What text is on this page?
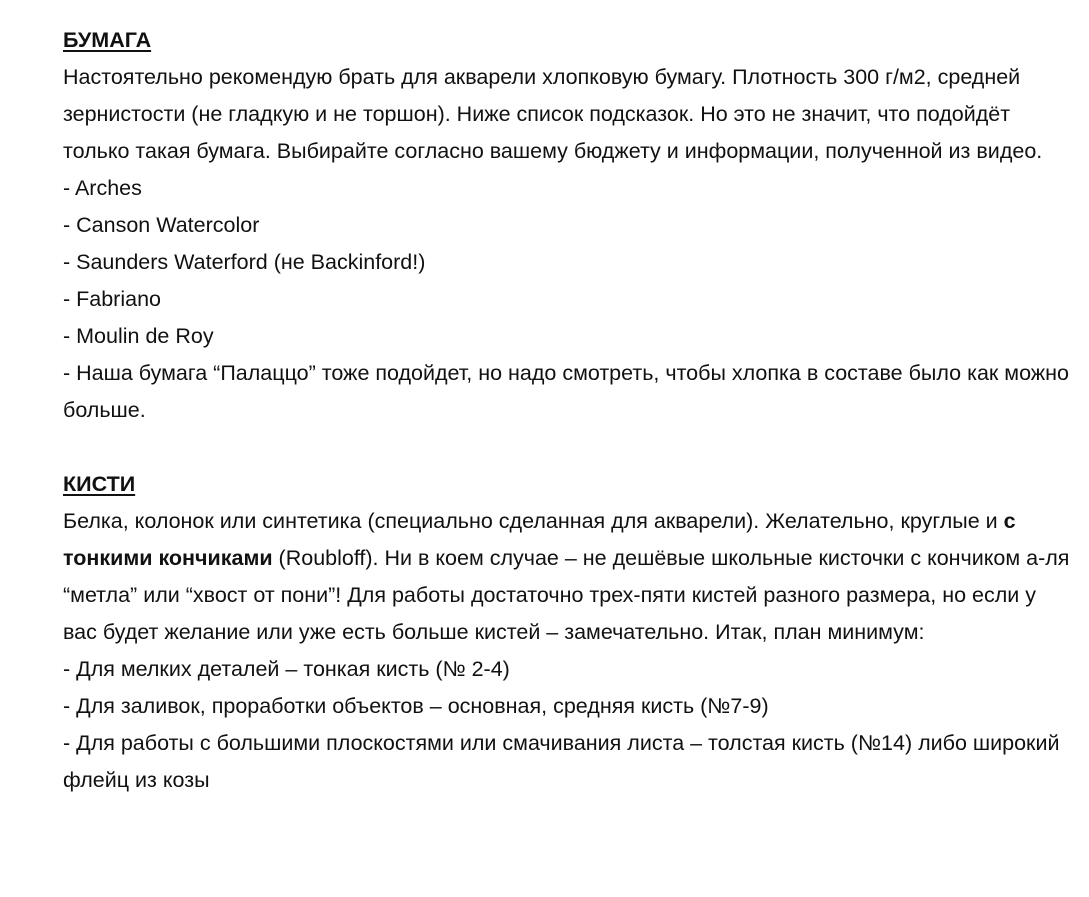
БУМАГА

Настоятельно рекомендую брать для акварели хлопковую бумагу. Плотность 300 г/м2, средней зернистости (не гладкую и не торшон). Ниже список подсказок. Но это не значит, что подойдёт только такая бумага. Выбирайте согласно вашему бюджету и информации, полученной из видео.

- Arches
- Canson Watercolor
- Saunders Waterford (не Backinford!)
- Fabriano
- Moulin de Roy
- Наша бумага “Палаццо” тоже подойдет, но надо смотреть, чтобы хлопка в составе было как можно больше.

КИСТИ

Белка, колонок или синтетика (специально сделанная для акварели). Желательно, круглые и с тонкими кончиками (Roubloff). Ни в коем случае – не дешёвые школьные кисточки с кончиком а-ля “метла” или “хвост от пони”! Для работы достаточно трех-пяти кистей разного размера, но если у вас будет желание или уже есть больше кистей – замечательно. Итак, план минимум:

- Для мелких деталей – тонкая кисть (№ 2-4)
- Для заливок, проработки объектов – основная, средняя кисть (№7-9)
- Для работы с большими плоскостями или смачивания листа – толстая кисть (№14) либо широкий флейц из козы
